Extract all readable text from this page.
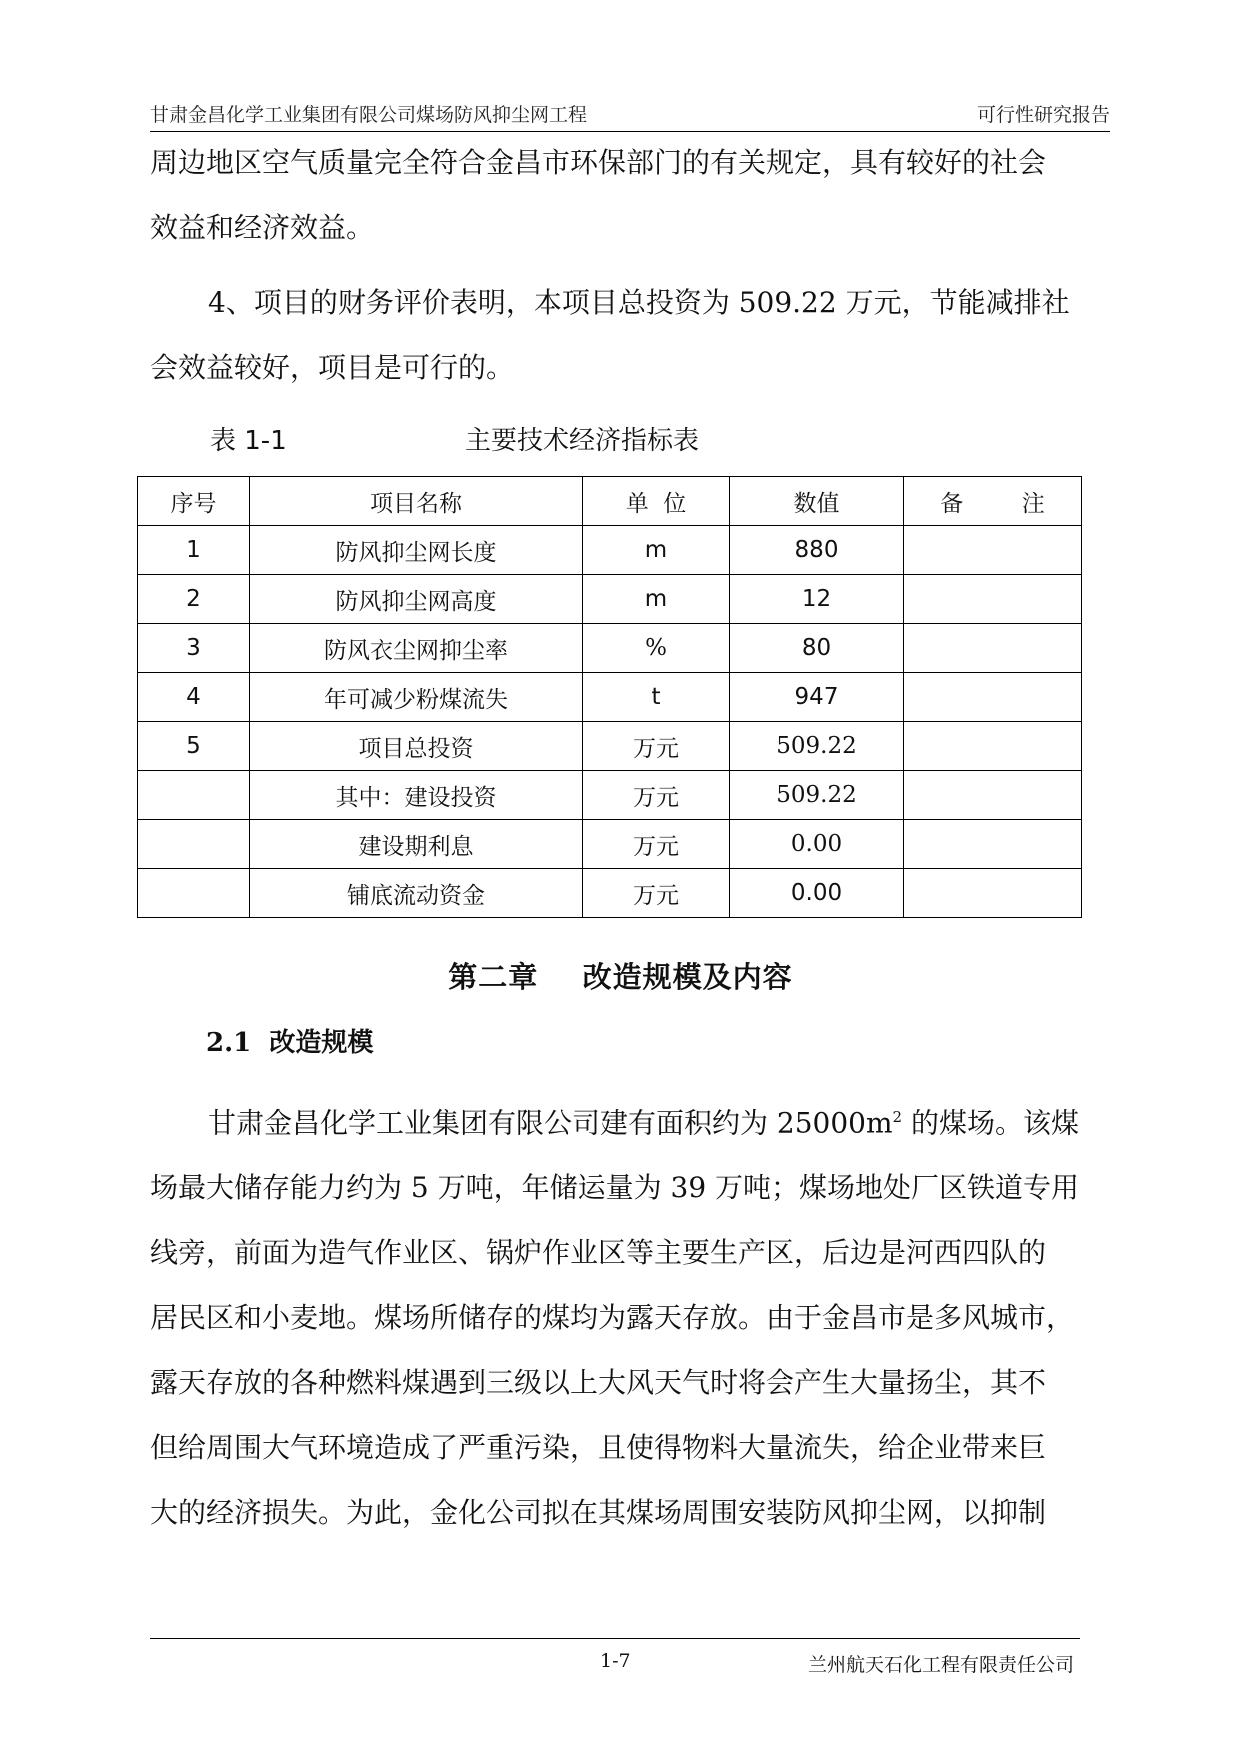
甘肃金昌化学工业集团有限公司煤场防风抑尘网工程	可行性研究报告
周边地区空气质量完全符合金昌市环保部门的有关规定，具有较好的社会
效益和经济效益。
4、项目的财务评价表明，本项目总投资为 509.22 万元，节能减排社
会效益较好，项目是可行的。
表 1-1	主要技术经济指标表
序号	项目名称	单  位	数值	备        注
1	防风抑尘网长度	m	880	
2	防风抑尘网高度	m	12	
3	防风衣尘网抑尘率	%	80	
4	年可减少粉煤流失	t	947	
5	项目总投资	万元	509.22	
	其中：建设投资	万元	509.22	
	建设期利息	万元	0.00	
	铺底流动资金	万元	0.00	
第二章    改造规模及内容
2.1  改造规模
甘肃金昌化学工业集团有限公司建有面积约为 $25000m^2$ 的煤场。该煤
场最大储存能力约为 5 万吨，年储运量为 39 万吨；煤场地处厂区铁道专用
线旁，前面为造气作业区、锅炉作业区等主要生产区，后边是河西四队的
居民区和小麦地。煤场所储存的煤均为露天存放。由于金昌市是多风城市，
露天存放的各种燃料煤遇到三级以上大风天气时将会产生大量扬尘，其不
但给周围大气环境造成了严重污染，且使得物料大量流失，给企业带来巨
大的经济损失。为此，金化公司拟在其煤场周围安装防风抑尘网，以抑制
1-7	兰州航天石化工程有限责任公司
